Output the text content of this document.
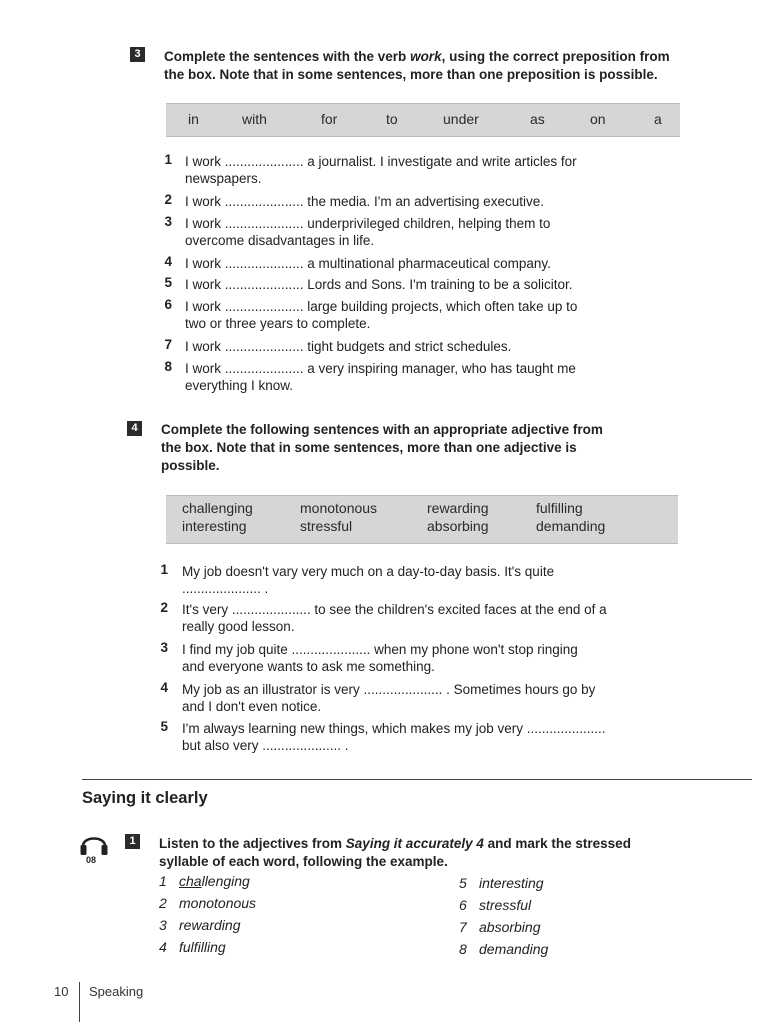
3	Complete the sentences with the verb work, using the correct preposition from
the box. Note that in some sentences, more than one preposition is possible.
in	with	for	to	under	as	on	a
1 I work ..................... a journalist. I investigate and write articles for
newspapers.
2 I work ..................... the media. I'm an advertising executive.
3 I work ..................... underprivileged children, helping them to
overcome disadvantages in life.
4 I work ..................... a multinational pharmaceutical company.
5 I work ..................... Lords and Sons. I'm training to be a solicitor.
6 I work ..................... large building projects, which often take up to
two or three years to complete.
7 I work ..................... tight budgets and strict schedules.
8 I work ..................... a very inspiring manager, who has taught me
everything I know.
4	Complete the following sentences with an appropriate adjective from
the box. Note that in some sentences, more than one adjective is
possible.
challenging	monotonous	rewarding	fulfilling
interesting	stressful	absorbing	demanding
1 My job doesn't vary very much on a day-to-day basis. It's quite
..................... .
2 It's very ..................... to see the children's excited faces at the end of a
really good lesson.
3 I find my job quite ..................... when my phone won't stop ringing
and everyone wants to ask me something.
4 My job as an illustrator is very ..................... . Sometimes hours go by
and I don't even notice.
5 I'm always learning new things, which makes my job very .....................
but also very ..................... .
Saying it clearly
08
1	Listen to the adjectives from Saying it accurately 4 and mark the stressed
syllable of each word, following the example.
1 challenging
2 monotonous
3 rewarding
4 fulfilling
5 interesting
6 stressful
7 absorbing
8 demanding
10 Speaking
